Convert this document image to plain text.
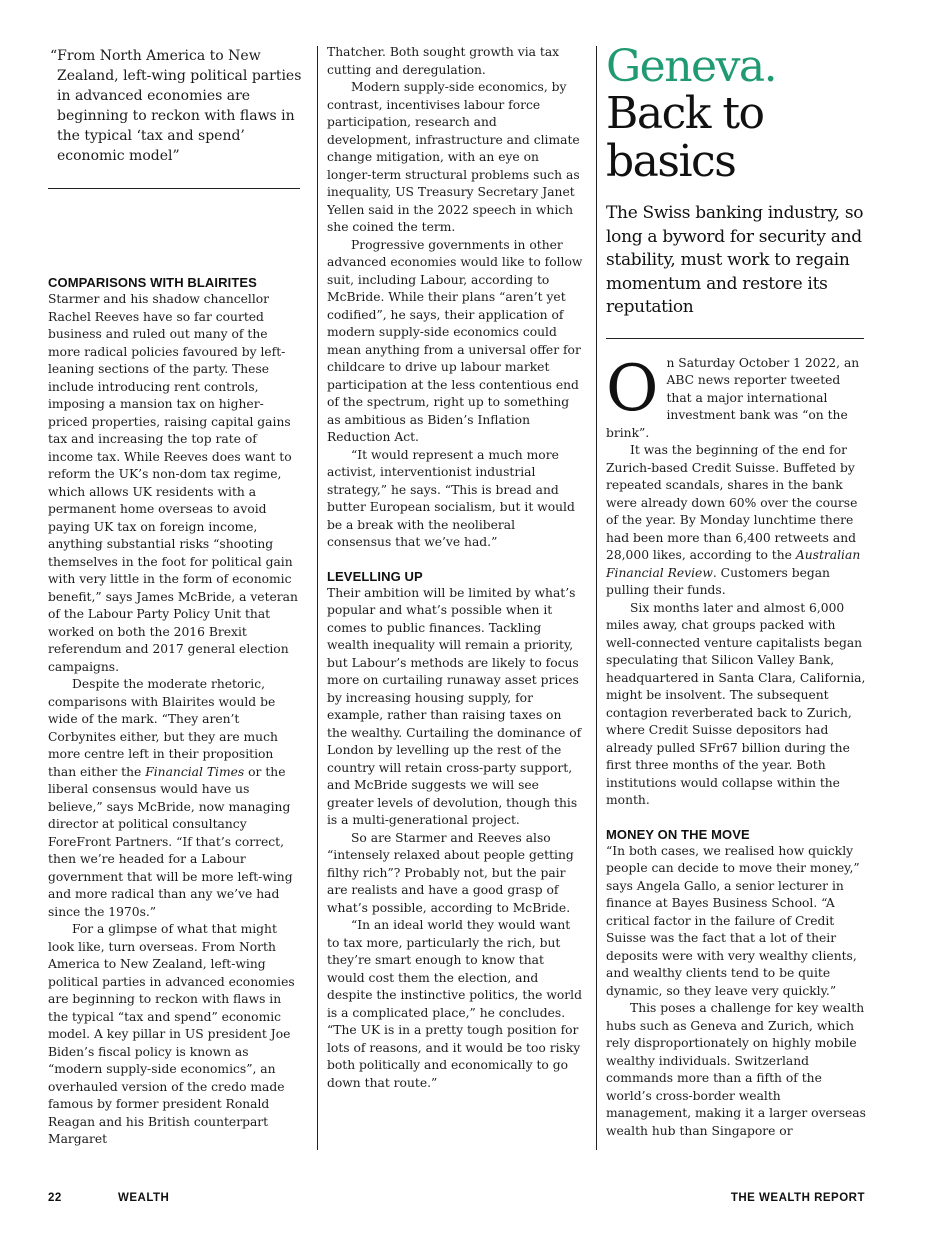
“From North America to New Zealand, left-wing political parties in advanced economies are beginning to reckon with flaws in the typical ‘tax and spend’ economic model”
COMPARISONS WITH BLAIRITES

Starmer and his shadow chancellor Rachel Reeves have so far courted business and ruled out many of the more radical policies favoured by left-leaning sections of the party. These include introducing rent controls, imposing a mansion tax on higher-priced properties, raising capital gains tax and increasing the top rate of income tax. While Reeves does want to reform the UK’s non-dom tax regime, which allows UK residents with a permanent home overseas to avoid paying UK tax on foreign income, anything substantial risks “shooting themselves in the foot for political gain with very little in the form of economic benefit,” says James McBride, a veteran of the Labour Party Policy Unit that worked on both the 2016 Brexit referendum and 2017 general election campaigns.

Despite the moderate rhetoric, comparisons with Blairites would be wide of the mark. “They aren’t Corbynites either, but they are much more centre left in their proposition than either the Financial Times or the liberal consensus would have us believe,” says McBride, now managing director at political consultancy ForeFront Partners. “If that’s correct, then we’re headed for a Labour government that will be more left-wing and more radical than any we’ve had since the 1970s.”

For a glimpse of what that might look like, turn overseas. From North America to New Zealand, left-wing political parties in advanced economies are beginning to reckon with flaws in the typical “tax and spend” economic model. A key pillar in US president Joe Biden’s fiscal policy is known as “modern supply-side economics”, an overhauled version of the credo made famous by former president Ronald Reagan and his British counterpart Margaret

Thatcher. Both sought growth via tax cutting and deregulation.

Modern supply-side economics, by contrast, incentivises labour force participation, research and development, infrastructure and climate change mitigation, with an eye on longer-term structural problems such as inequality, US Treasury Secretary Janet Yellen said in the 2022 speech in which she coined the term.

Progressive governments in other advanced economies would like to follow suit, including Labour, according to McBride. While their plans “aren’t yet codified”, he says, their application of modern supply-side economics could mean anything from a universal offer for childcare to drive up labour market participation at the less contentious end of the spectrum, right up to something as ambitious as Biden’s Inflation Reduction Act.

“It would represent a much more activist, interventionist industrial strategy,” he says. “This is bread and butter European socialism, but it would be a break with the neoliberal consensus that we’ve had.”

LEVELLING UP

Their ambition will be limited by what’s popular and what’s possible when it comes to public finances. Tackling wealth inequality will remain a priority, but Labour’s methods are likely to focus more on curtailing runaway asset prices by increasing housing supply, for example, rather than raising taxes on the wealthy. Curtailing the dominance of London by levelling up the rest of the country will retain cross-party support, and McBride suggests we will see greater levels of devolution, though this is a multi-generational project.

So are Starmer and Reeves also “intensely relaxed about people getting filthy rich”? Probably not, but the pair are realists and have a good grasp of what’s possible, according to McBride.

“In an ideal world they would want to tax more, particularly the rich, but they’re smart enough to know that would cost them the election, and despite the instinctive politics, the world is a complicated place,” he concludes. “The UK is in a pretty tough position for lots of reasons, and it would be too risky both politically and economically to go down that route.”

Geneva.
Back to
basics
The Swiss banking industry, so long a byword for security and stability, must work to regain momentum and restore its reputation

On Saturday October 1 2022, an ABC news reporter tweeted that a major international investment bank was “on the brink”.

It was the beginning of the end for Zurich-based Credit Suisse. Buffeted by repeated scandals, shares in the bank were already down 60% over the course of the year. By Monday lunchtime there had been more than 6,400 retweets and 28,000 likes, according to the Australian Financial Review. Customers began pulling their funds.

Six months later and almost 6,000 miles away, chat groups packed with well-connected venture capitalists began speculating that Silicon Valley Bank, headquartered in Santa Clara, California, might be insolvent. The subsequent contagion reverberated back to Zurich, where Credit Suisse depositors had already pulled SFr67 billion during the first three months of the year. Both institutions would collapse within the month.

MONEY ON THE MOVE

“In both cases, we realised how quickly people can decide to move their money,” says Angela Gallo, a senior lecturer in finance at Bayes Business School. “A critical factor in the failure of Credit Suisse was the fact that a lot of their deposits were with very wealthy clients, and wealthy clients tend to be quite dynamic, so they leave very quickly.”

This poses a challenge for key wealth hubs such as Geneva and Zurich, which rely disproportionately on highly mobile wealthy individuals. Switzerland commands more than a fifth of the world’s cross-border wealth management, making it a larger overseas wealth hub than Singapore or

22	WEALTH	THE WEALTH REPORT
